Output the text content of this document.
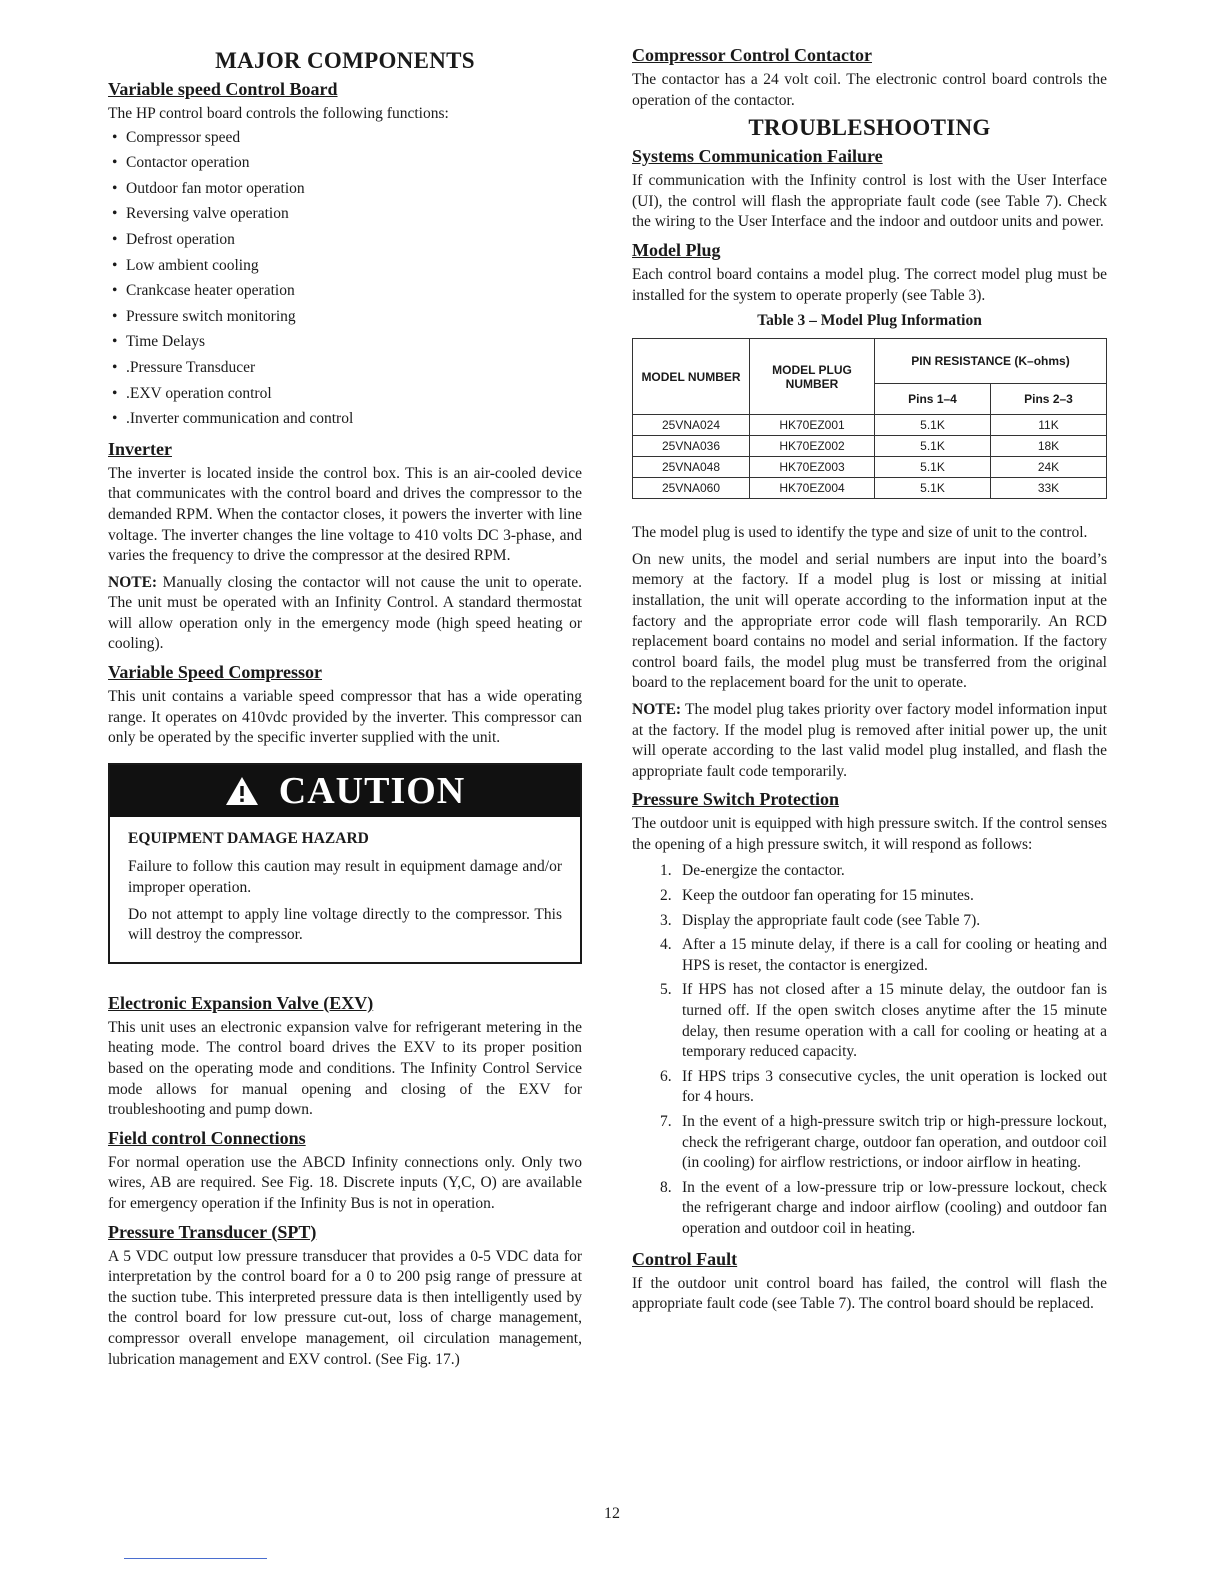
MAJOR COMPONENTS
Variable speed Control Board

The HP control board controls the following functions:

• Compressor speed
• Contactor operation
• Outdoor fan motor operation
• Reversing valve operation
• Defrost operation
• Low ambient cooling
• Crankcase heater operation
• Pressure switch monitoring
• Time Delays
• .Pressure Transducer
• .EXV operation control
• .Inverter communication and control
Inverter

The inverter is located inside the control box. This is an air-cooled device that communicates with the control board and drives the compressor to the demanded RPM. When the contactor closes, it powers the inverter with line voltage. The inverter changes the line voltage to 410 volts DC 3-phase, and varies the frequency to drive the compressor at the desired RPM.

NOTE: Manually closing the contactor will not cause the unit to operate. The unit must be operated with an Infinity Control. A standard thermostat will allow operation only in the emergency mode (high speed heating or cooling).

Variable Speed Compressor

This unit contains a variable speed compressor that has a wide operating range. It operates on 410vdc provided by the inverter. This compressor can only be operated by the specific inverter supplied with the unit.

CAUTION

EQUIPMENT DAMAGE HAZARD

Failure to follow this caution may result in equipment damage and/or improper operation.

Do not attempt to apply line voltage directly to the compressor. This will destroy the compressor.

Electronic Expansion Valve (EXV)

This unit uses an electronic expansion valve for refrigerant metering in the heating mode. The control board drives the EXV to its proper position based on the operating mode and conditions. The Infinity Control Service mode allows for manual opening and closing of the EXV for troubleshooting and pump down.

Field control Connections

For normal operation use the ABCD Infinity connections only. Only two wires, AB are required. See Fig. 18. Discrete inputs (Y,C, O) are available for emergency operation if the Infinity Bus is not in operation.

Pressure Transducer (SPT)

A 5 VDC output low pressure transducer that provides a 0-5 VDC data for interpretation by the control board for a 0 to 200 psig range of pressure at the suction tube. This interpreted pressure data is then intelligently used by the control board for low pressure cut-out, loss of charge management, compressor overall envelope management, oil circulation management, lubrication management and EXV control. (See Fig. 17.)

Compressor Control Contactor

The contactor has a 24 volt coil. The electronic control board controls the operation of the contactor.

TROUBLESHOOTING
Systems Communication Failure

If communication with the Infinity control is lost with the User Interface (UI), the control will flash the appropriate fault code (see Table 7). Check the wiring to the User Interface and the indoor and outdoor units and power.

Model Plug

Each control board contains a model plug. The correct model plug must be installed for the system to operate properly (see Table 3).

Table 3 – Model Plug Information
MODEL NUMBER	MODEL PLUG NUMBER	PIN RESISTANCE (K–ohms)	
		Pins 1–4	Pins 2–3
25VNA024	HK70EZ001	5.1K	11K
25VNA036	HK70EZ002	5.1K	18K
25VNA048	HK70EZ003	5.1K	24K
25VNA060	HK70EZ004	5.1K	33K

The model plug is used to identify the type and size of unit to the control.

On new units, the model and serial numbers are input into the board’s memory at the factory. If a model plug is lost or missing at initial installation, the unit will operate according to the information input at the factory and the appropriate error code will flash temporarily. An RCD replacement board contains no model and serial information. If the factory control board fails, the model plug must be transferred from the original board to the replacement board for the unit to operate.

NOTE: The model plug takes priority over factory model information input at the factory. If the model plug is removed after initial power up, the unit will operate according to the last valid model plug installed, and flash the appropriate fault code temporarily.

Pressure Switch Protection

The outdoor unit is equipped with high pressure switch. If the control senses the opening of a high pressure switch, it will respond as follows:

1. De-energize the contactor.
2. Keep the outdoor fan operating for 15 minutes.
3. Display the appropriate fault code (see Table 7).
4. After a 15 minute delay, if there is a call for cooling or heating and HPS is reset, the contactor is energized.
5. If HPS has not closed after a 15 minute delay, the outdoor fan is turned off. If the open switch closes anytime after the 15 minute delay, then resume operation with a call for cooling or heating at a temporary reduced capacity.
6. If HPS trips 3 consecutive cycles, the unit operation is locked out for 4 hours.
7. In the event of a high-pressure switch trip or high-pressure lockout, check the refrigerant charge, outdoor fan operation, and outdoor coil (in cooling) for airflow restrictions, or indoor airflow in heating.
8. In the event of a low-pressure trip or low-pressure lockout, check the refrigerant charge and indoor airflow (cooling) and outdoor fan operation and outdoor coil in heating.
Control Fault

If the outdoor unit control board has failed, the control will flash the appropriate fault code (see Table 7). The control board should be replaced.

12
